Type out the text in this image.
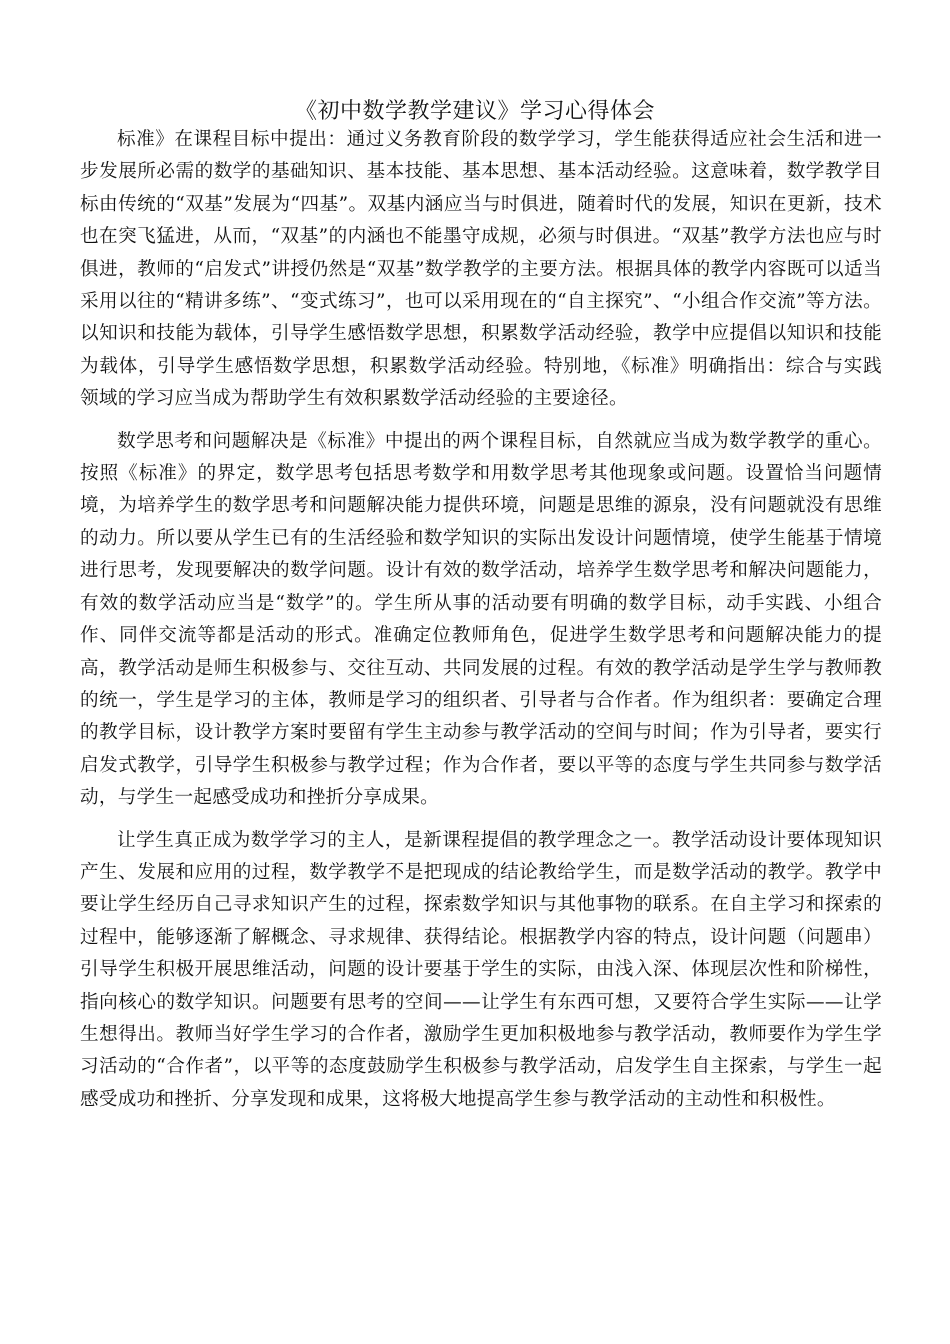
《初中数学教学建议》学习心得体会

标准》在课程目标中提出：通过义务教育阶段的数学学习，学生能获得适应社会生活和进一步发展所必需的数学的基础知识、基本技能、基本思想、基本活动经验。这意味着，数学教学目标由传统的“双基”发展为“四基”。双基内涵应当与时俱进，随着时代的发展，知识在更新，技术也在突飞猛进，从而，“双基”的内涵也不能墨守成规，必须与时俱进。“双基”教学方法也应与时俱进，教师的“启发式”讲授仍然是“双基”数学教学的主要方法。根据具体的教学内容既可以适当采用以往的“精讲多练”、“变式练习”，也可以采用现在的“自主探究”、“小组合作交流”等方法。以知识和技能为载体，引导学生感悟数学思想，积累数学活动经验，教学中应提倡以知识和技能为载体，引导学生感悟数学思想，积累数学活动经验。特别地，《标准》明确指出：综合与实践 领域的学习应当成为帮助学生有效积累数学活动经验的主要途径。

数学思考和问题解决是《标准》中提出的两个课程目标，自然就应当成为数学教学的重心。按照《标准》的界定，数学思考包括思考数学和用数学思考其他现象或问题。设置恰当问题情境，为培养学生的数学思考和问题解决能力提供环境，问题是思维的源泉，没有问题就没有思维的动力。所以要从学生已有的生活经验和数学知识的实际出发设计问题情境，使学生能基于情境进行思考，发现要解决的数学问题。设计有效的数学活动，培养学生数学思考和解决问题能力，有效的数学活动应当是“数学”的。学生所从事的活动要有明确的数学目标，动手实践、小组合作、同伴交流等都是活动的形式。准确定位教师角色，促进学生数学思考和问题解决能力的提高，教学活动是师生积极参与、交往互动、共同发展的过程。有效的教学活动是学生学与教师教的统一，学生是学习的主体，教师是学习的组织者、引导者与合作者。作为组织者：要确定合理的教学目标，设计教学方案时要留有学生主动参与教学活动的空间与时间；作为引导者，要实行启发式教学，引导学生积极参与教学过程；作为合作者，要以平等的态度与学生共同参与数学活动，与学生一起感受成功和挫折分享成果。

让学生真正成为数学学习的主人，是新课程提倡的教学理念之一。教学活动设计要体现知识产生、发展和应用的过程，数学教学不是把现成的结论教给学生，而是数学活动的教学。教学中要让学生经历自己寻求知识产生的过程，探索数学知识与其他事物的联系。在自主学习和探索的过程中，能够逐渐了解概念、寻求规律、获得结论。根据教学内容的特点，设计问题（问题串）引导学生积极开展思维活动，问题的设计要基于学生的实际，由浅入深、体现层次性和阶梯性，指向核心的数学知识。问题要有思考的空间——让学生有东西可想，又要符合学生实际——让学生想得出。教师当好学生学习的合作者，激励学生更加积极地参与教学活动，教师要作为学生学习活动的“合作者”，以平等的态度鼓励学生积极参与教学活动，启发学生自主探索，与学生一起感受成功和挫折、分享发现和成果，这将极大地提高学生参与教学活动的主动性和积极性。
